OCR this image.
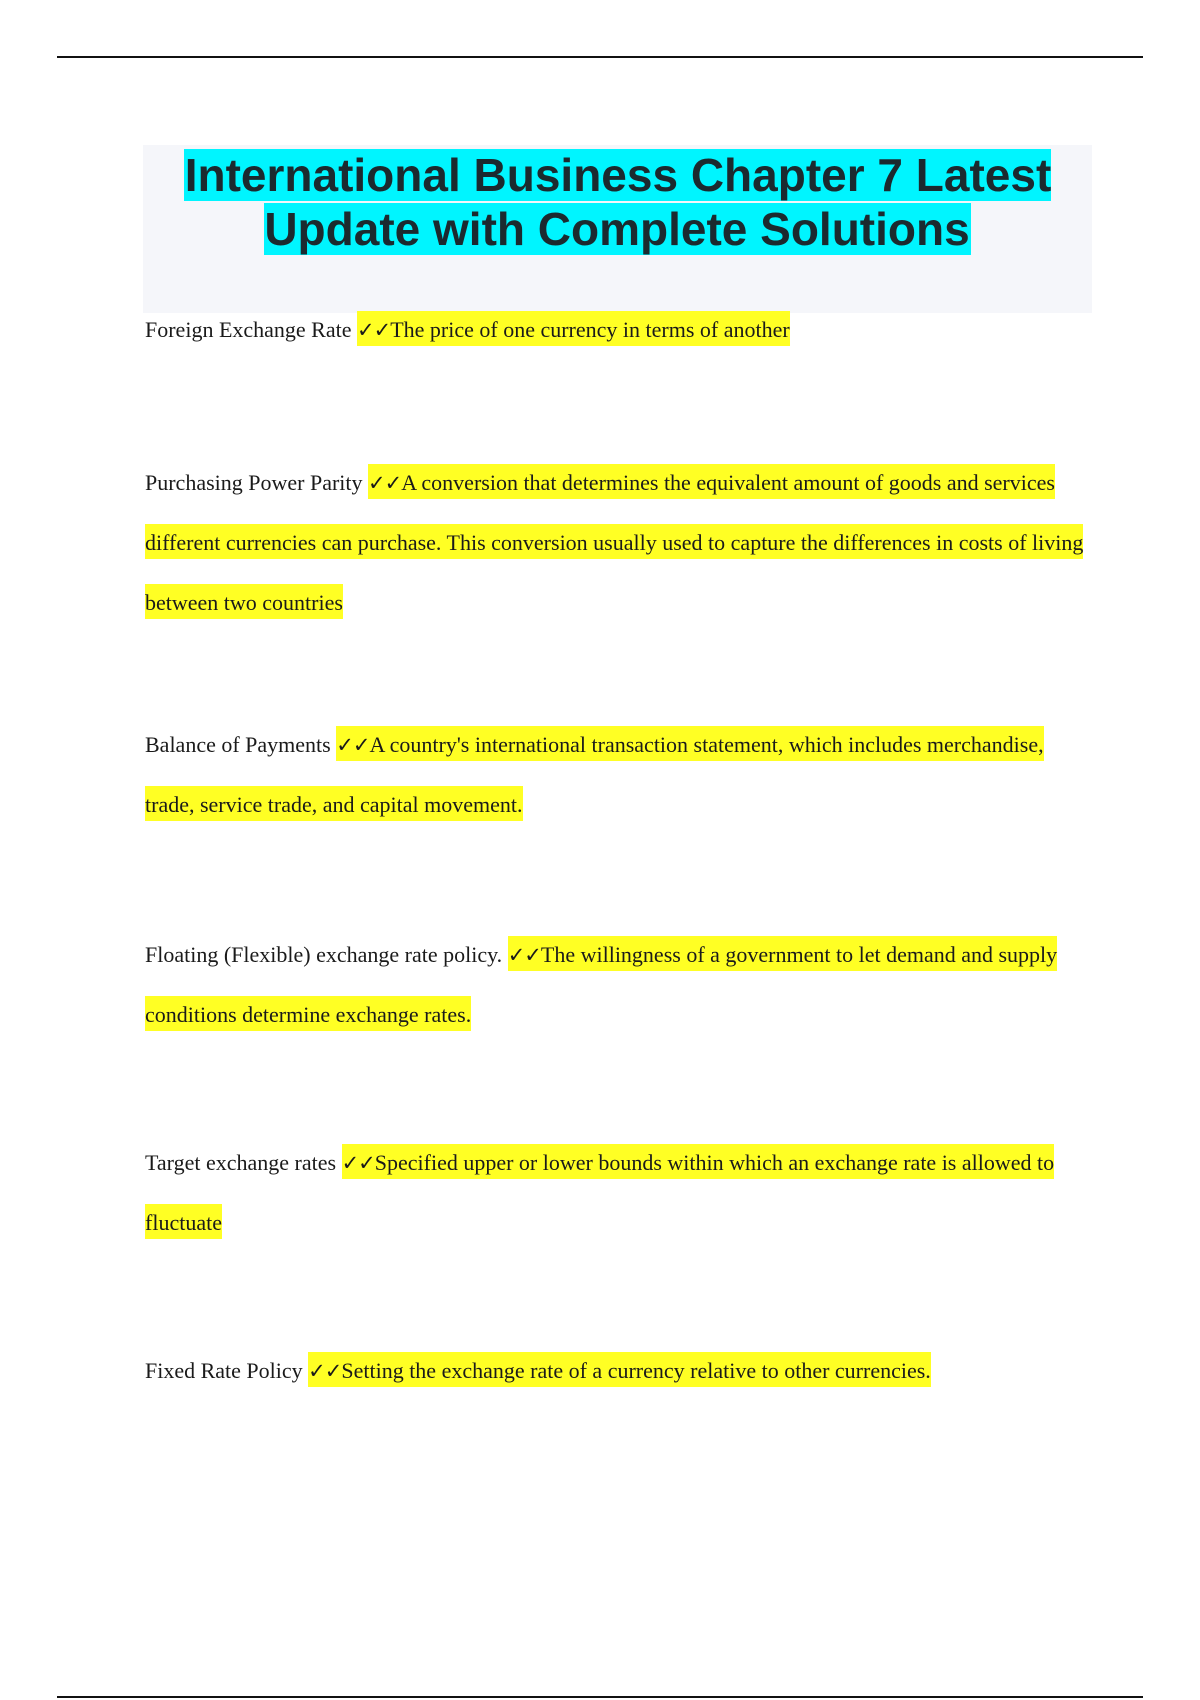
International Business Chapter 7 Latest Update with Complete Solutions

Foreign Exchange Rate ✓✓The price of one currency in terms of another

Purchasing Power Parity ✓✓A conversion that determines the equivalent amount of goods and services different currencies can purchase. This conversion usually used to capture the differences in costs of living between two countries

Balance of Payments ✓✓A country's international transaction statement, which includes merchandise, trade, service trade, and capital movement.

Floating (Flexible) exchange rate policy. ✓✓The willingness of a government to let demand and supply conditions determine exchange rates.

Target exchange rates ✓✓Specified upper or lower bounds within which an exchange rate is allowed to fluctuate

Fixed Rate Policy ✓✓Setting the exchange rate of a currency relative to other currencies.
